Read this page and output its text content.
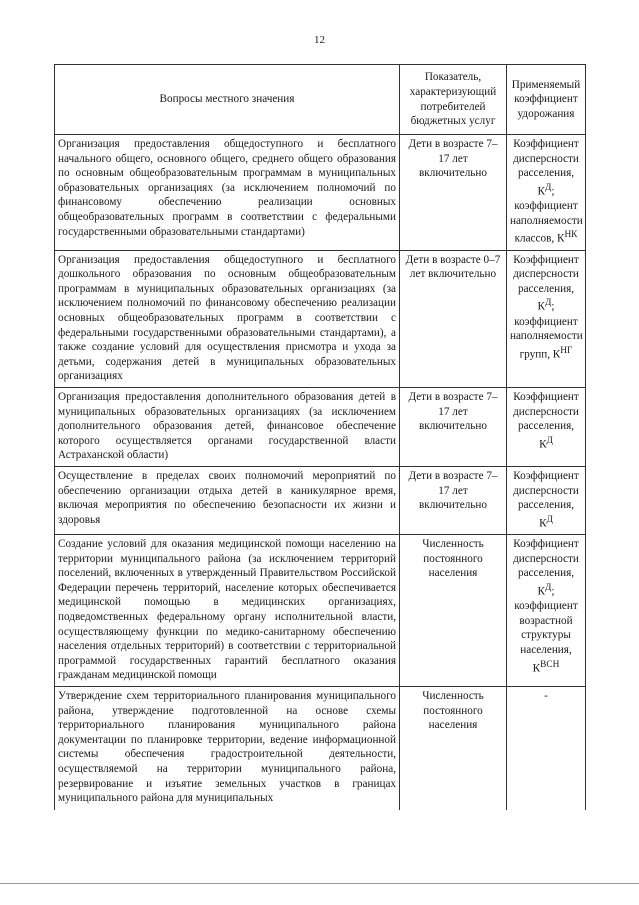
12
Вопросы местного значения	Показатель, характеризующий потребителей бюджетных услуг	Применяемый коэффициент удорожания
Организация предоставления общедоступного и бесплатного начального общего, основного общего, среднего общего образования по основным общеобразовательным программам в муниципальных образовательных организациях (за исключением полномочий по финансовому обеспечению реализации основных общеобразовательных программ в соответствии с федеральными государственными образовательными стандартами)	Дети в возрасте 7–17 лет включительно	Коэффициент дисперсности расселения, $К^Д$; коэффициент наполняемости классов, $К^{НК}$
Организация предоставления общедоступного и бесплатного дошкольного образования по основным общеобразовательным программам в муниципальных образовательных организациях (за исключением полномочий по финансовому обеспечению реализации основных общеобразовательных программ в соответствии с федеральными государственными образовательными стандартами), а также создание условий для осуществления присмотра и ухода за детьми, содержания детей в муниципальных образовательных организациях	Дети в возрасте 0–7 лет включительно	Коэффициент дисперсности расселения, $К^Д$; коэффициент наполняемости групп, $К^{НГ}$
Организация предоставления дополнительного образования детей в муниципальных образовательных организациях (за исключением дополнительного образования детей, финансовое обеспечение которого осуществляется органами государственной власти Астраханской области)	Дети в возрасте 7–17 лет включительно	Коэффициент дисперсности расселения, $К^Д$
Осуществление в пределах своих полномочий мероприятий по обеспечению организации отдыха детей в каникулярное время, включая мероприятия по обеспечению безопасности их жизни и здоровья	Дети в возрасте 7–17 лет включительно	Коэффициент дисперсности расселения, $К^Д$
Создание условий для оказания медицинской помощи населению на территории муниципального района (за исключением территорий поселений, включенных в утвержденный Правительством Российской Федерации перечень территорий, население которых обеспечивается медицинской помощью в медицинских организациях, подведомственных федеральному органу исполнительной власти, осуществляющему функции по медико-санитарному обеспечению населения отдельных территорий) в соответствии с территориальной программой государственных гарантий бесплатного оказания гражданам медицинской помощи	Численность постоянного населения	Коэффициент дисперсности расселения, $К^Д$; коэффициент возрастной структуры населения, $К^{ВСН}$

Утверждение схем территориального планирования муниципального района, утверждение подготовленной на основе схемы территориального планирования муниципального района документации по планировке территории, ведение информационной системы обеспечения градостроительной деятельности, осуществляемой на территории муниципального района, резервирование и изъятие земельных участков в границах муниципального района для муниципальных	Численность постоянного населения	-
